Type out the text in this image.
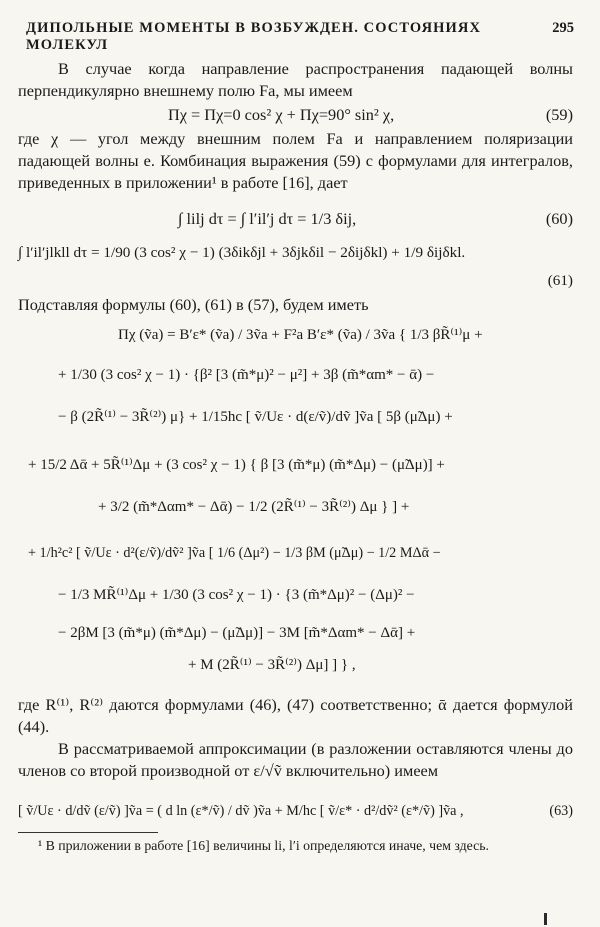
ДИПОЛЬНЫЕ МОМЕНТЫ В ВОЗБУЖДЕН. СОСТОЯНИЯХ МОЛЕКУЛ
295
В случае когда направление распространения падающей волны перпендикулярно внешнему полю Fa, мы имеем
Πχ = Πχ=0 cos² χ + Πχ=90° sin² χ,	(59)
где χ — угол между внешним полем Fa и направлением поляризации падающей волны e. Комбинация выражения (59) с формулами для интегралов, приведенных в приложении¹ в работе [16], дает
∫ lilj dτ = ∫ l′il′j dτ = 1/3 δij,	(60)
∫ l′il′jlkll dτ = 1/90 (3 cos² χ − 1) (3δikδjl + 3δjkδil − 2δijδkl) + 1/9 δijδkl.
(61)
Подставляя формулы (60), (61) в (57), будем иметь
Πχ (ṽa) = B′ε* (ṽa) / 3ṽa + F²a B′ε* (ṽa) / 3ṽa { 1/3 βR̃⁽¹⁾μ +
+ 1/30 (3 cos² χ − 1) · {β² [3 (m̃*μ)² − μ²] + 3β (m̃*αm* − ᾱ) −
− β (2R̃⁽¹⁾ − 3R̃⁽²⁾) μ} + 1/15hc [ ṽ/Uε · d(ε/ṽ)/dṽ ]ṽa [ 5β (μ̃Δμ) +
+ 15/2 Δᾱ + 5R̃⁽¹⁾Δμ + (3 cos² χ − 1) { β [3 (m̃*μ) (m̃*Δμ) − (μ̃Δμ)] +
+ 3/2 (m̃*Δαm* − Δᾱ) − 1/2 (2R̃⁽¹⁾ − 3R̃⁽²⁾) Δμ } ] +
+ 1/h²c² [ ṽ/Uε · d²(ε/ṽ)/dṽ² ]ṽa [ 1/6 (Δμ²) − 1/3 βM (μ̃Δμ) − 1/2 MΔᾱ −
− 1/3 MR̃⁽¹⁾Δμ + 1/30 (3 cos² χ − 1) · {3 (m̃*Δμ)² − (Δμ)² −
− 2βM [3 (m̃*μ) (m̃*Δμ) − (μ̃Δμ)] − 3M [m̃*Δαm* − Δᾱ] +
+ M (2R̃⁽¹⁾ − 3R̃⁽²⁾) Δμ] ] } ,
где R⁽¹⁾, R⁽²⁾ даются формулами (46), (47) соответственно; ᾱ дается формулой (44).
В рассматриваемой аппроксимации (в разложении оставляются члены до членов со второй производной от ε/√ṽ включительно) имеем
[ ṽ/Uε · d/dṽ (ε/ṽ) ]ṽa = ( d ln (ε*/ṽ) / dṽ )ṽa + M/hc [ ṽ/ε* · d²/dṽ² (ε*/ṽ) ]ṽa ,	(63)
¹ В приложении в работе [16] величины li, l′i определяются иначе, чем здесь.
